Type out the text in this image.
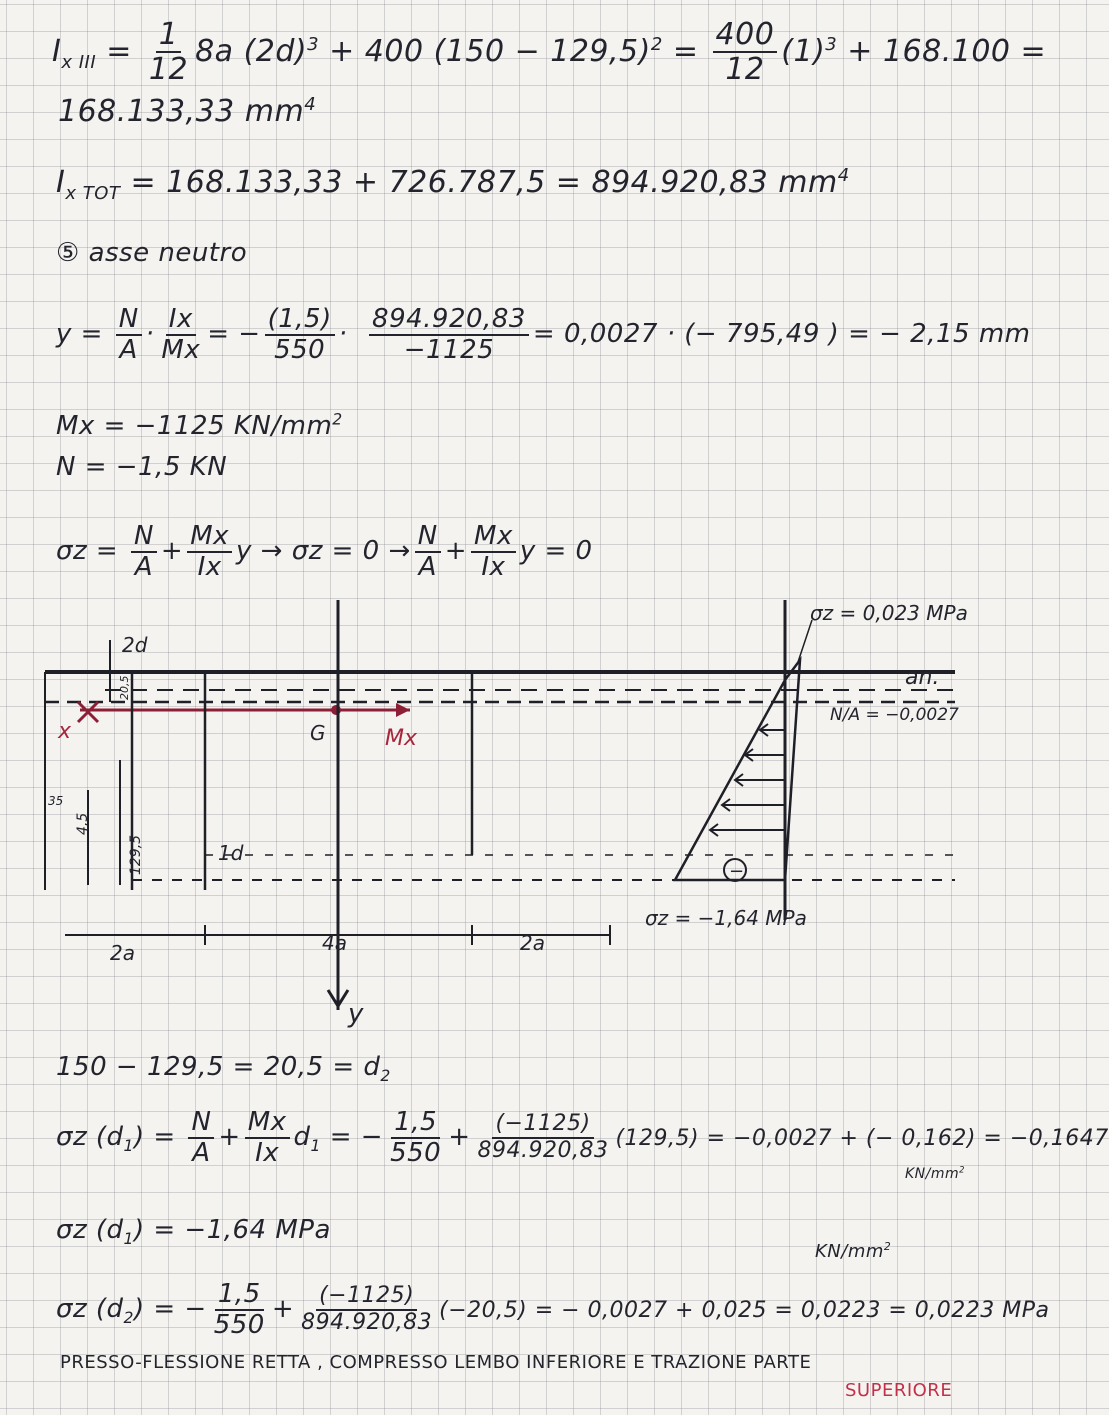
$I_{x III} = \frac{1}{12} 8a$ $(2d)^3 + 400$ $(150 - 129,5)^2 = \frac{400}{12} (1)^3 + 168.100$ =
168.133,33 $mm^4$
$I_{x TOT} = 168.133,33 + 726.787,5 = 894.920,83$ $mm^4$
⑤ asse neutro
$y = \frac{N}{A} \cdot \frac{Ix}{Mx}$ = − $\frac{(1,5)}{550} \cdot \frac{894.920,83}{-1125} = 0,0027$ · (− 795,49 ) = − 2,15 mm
Mx = −1125 $KN/mm^2$
N = −1,5 KN
$\sigma z = \frac{N}{A} + \frac{Mx}{Ix}$ $y \to \sigma z = 0 \to \frac{N}{A} + \frac{Mx}{Ix}$ y = 0
2d
20,5
129,5
35
4,5
1d
G	Mx
x
y
2a	4a	2a
σz = 0,023 MPa
an.
N/A = −0,0027
σz = −1,64 MPa
−
$150 - 129,5 = 20,5 = d_2$
σz $(d_1) = \frac{N}{A} + \frac{Mx}{Ix} d_1$ = − $\frac{1,5}{550} + \frac{(-1125)}{894.920,83} (129,5) = -0,0027$ + (− 0,162) = −0,1647
$KN/mm^2$
σz $(d_1) = -1,64$ MPa
$KN/mm^2$
σz $(d_2)$ = − $\frac{1,5}{550} + \frac{(-1125)}{894.920,83} (-20,5)$ = − 0,0027 + 0,025 = 0,0223 = 0,0223 MPa
PRESSO-FLESSIONE RETTA , COMPRESSO LEMBO INFERIORE E TRAZIONE PARTE
SUPERIORE
